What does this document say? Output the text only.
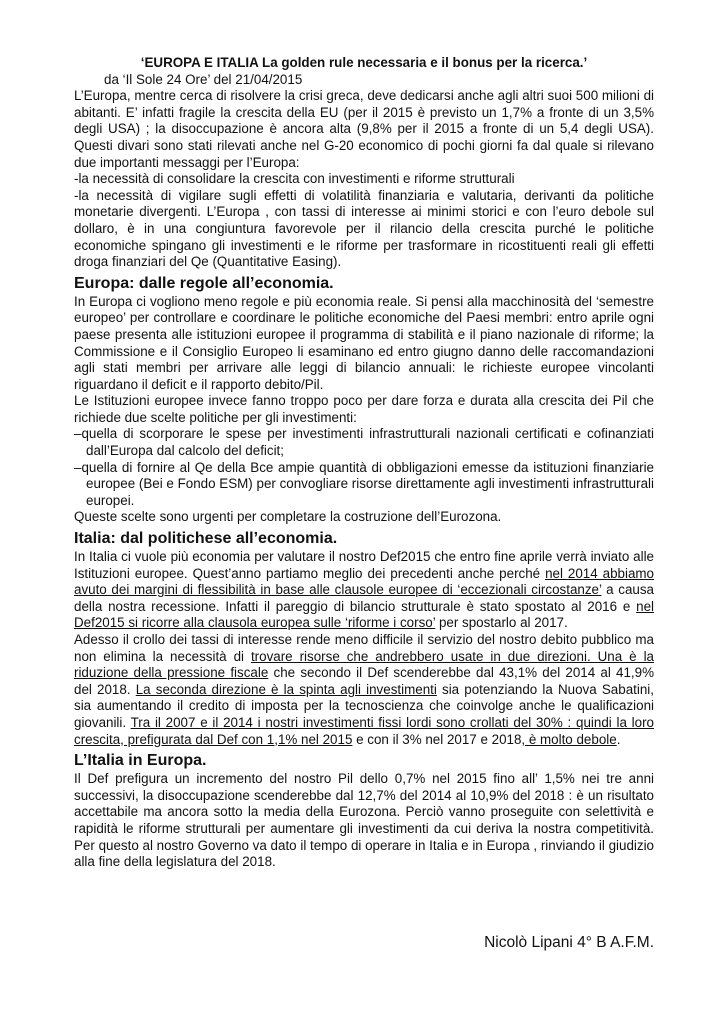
‘EUROPA E ITALIA La golden rule necessaria e il bonus per la ricerca.’

da ‘Il Sole 24 Ore’ del 21/04/2015

L’Europa, mentre cerca di risolvere la crisi greca, deve dedicarsi anche agli altri suoi 500 milioni di abitanti. E’ infatti fragile la crescita della EU (per il 2015 è previsto un 1,7% a fronte di un 3,5% degli USA) ; la disoccupazione è ancora alta (9,8% per il 2015 a fronte di un 5,4 degli USA). Questi divari sono stati rilevati anche nel G-20 economico di pochi giorni fa dal quale si rilevano due importanti messaggi per l’Europa:

-la necessità di consolidare la crescita con investimenti e riforme strutturali

-la necessità di vigilare sugli effetti di volatilità finanziaria e valutaria, derivanti da politiche monetarie divergenti. L’Europa , con tassi di interesse ai minimi storici e con l’euro debole sul dollaro, è in una congiuntura favorevole per il rilancio della crescita purché le politiche economiche spingano gli investimenti e le riforme per trasformare in ricostituenti reali gli effetti droga finanziari del Qe (Quantitative Easing).

Europa: dalle regole all’economia.

In Europa ci vogliono meno regole e più economia reale. Si pensi alla macchinosità del ‘semestre europeo’ per controllare e coordinare le politiche economiche del Paesi membri: entro aprile ogni paese presenta alle istituzioni europee il programma di stabilità e il piano nazionale di riforme; la Commissione e il Consiglio Europeo li esaminano ed entro giugno danno delle raccomandazioni agli stati membri per arrivare alle leggi di bilancio annuali: le richieste europee vincolanti riguardano il deficit e il rapporto debito/Pil.

Le Istituzioni europee invece fanno troppo poco per dare forza e durata alla crescita dei Pil che richiede due scelte politiche per gli investimenti:

–quella di scorporare le spese per investimenti infrastrutturali nazionali certificati e cofinanziati dall’Europa dal calcolo del deficit;

–quella di fornire al Qe della Bce ampie quantità di obbligazioni emesse da istituzioni finanziarie europee (Bei e Fondo ESM) per convogliare risorse direttamente agli investimenti infrastrutturali europei.

Queste scelte sono urgenti per completare la costruzione dell’Eurozona.

Italia: dal politichese all’economia.

In Italia ci vuole più economia per valutare il nostro Def2015 che entro fine aprile verrà inviato alle Istituzioni europee. Quest’anno partiamo meglio dei precedenti anche perché nel 2014 abbiamo avuto dei margini di flessibilità in base alle clausole europee di ‘eccezionali circostanze’ a causa della nostra recessione. Infatti il pareggio di bilancio strutturale è stato spostato al 2016 e nel Def2015 si ricorre alla clausola europea sulle ‘riforme i corso’ per spostarlo al 2017.

Adesso il crollo dei tassi di interesse rende meno difficile il servizio del nostro debito pubblico ma non elimina la necessità di trovare risorse che andrebbero usate in due direzioni. Una è la riduzione della pressione fiscale che secondo il Def scenderebbe dal 43,1% del 2014 al 41,9% del 2018. La seconda direzione è la spinta agli investimenti sia potenziando la Nuova Sabatini, sia aumentando il credito di imposta per la tecnoscienza che coinvolge anche le qualificazioni giovanili. Tra il 2007 e il 2014 i nostri investimenti fissi lordi sono crollati del 30% : quindi la loro crescita, prefigurata dal Def con 1,1% nel 2015 e con il 3% nel 2017 e 2018, è molto debole.

L’Italia in Europa.

Il Def prefigura un incremento del nostro Pil dello 0,7% nel 2015 fino all’ 1,5% nei tre anni successivi, la disoccupazione scenderebbe dal 12,7% del 2014 al 10,9% del 2018 : è un risultato accettabile ma ancora sotto la media della Eurozona. Perciò vanno proseguite con selettività e rapidità le riforme strutturali per aumentare gli investimenti da cui deriva la nostra competitività. Per questo al nostro Governo va dato il tempo di operare in Italia e in Europa , rinviando il giudizio alla fine della legislatura del 2018.

Nicolò Lipani 4° B A.F.M.
